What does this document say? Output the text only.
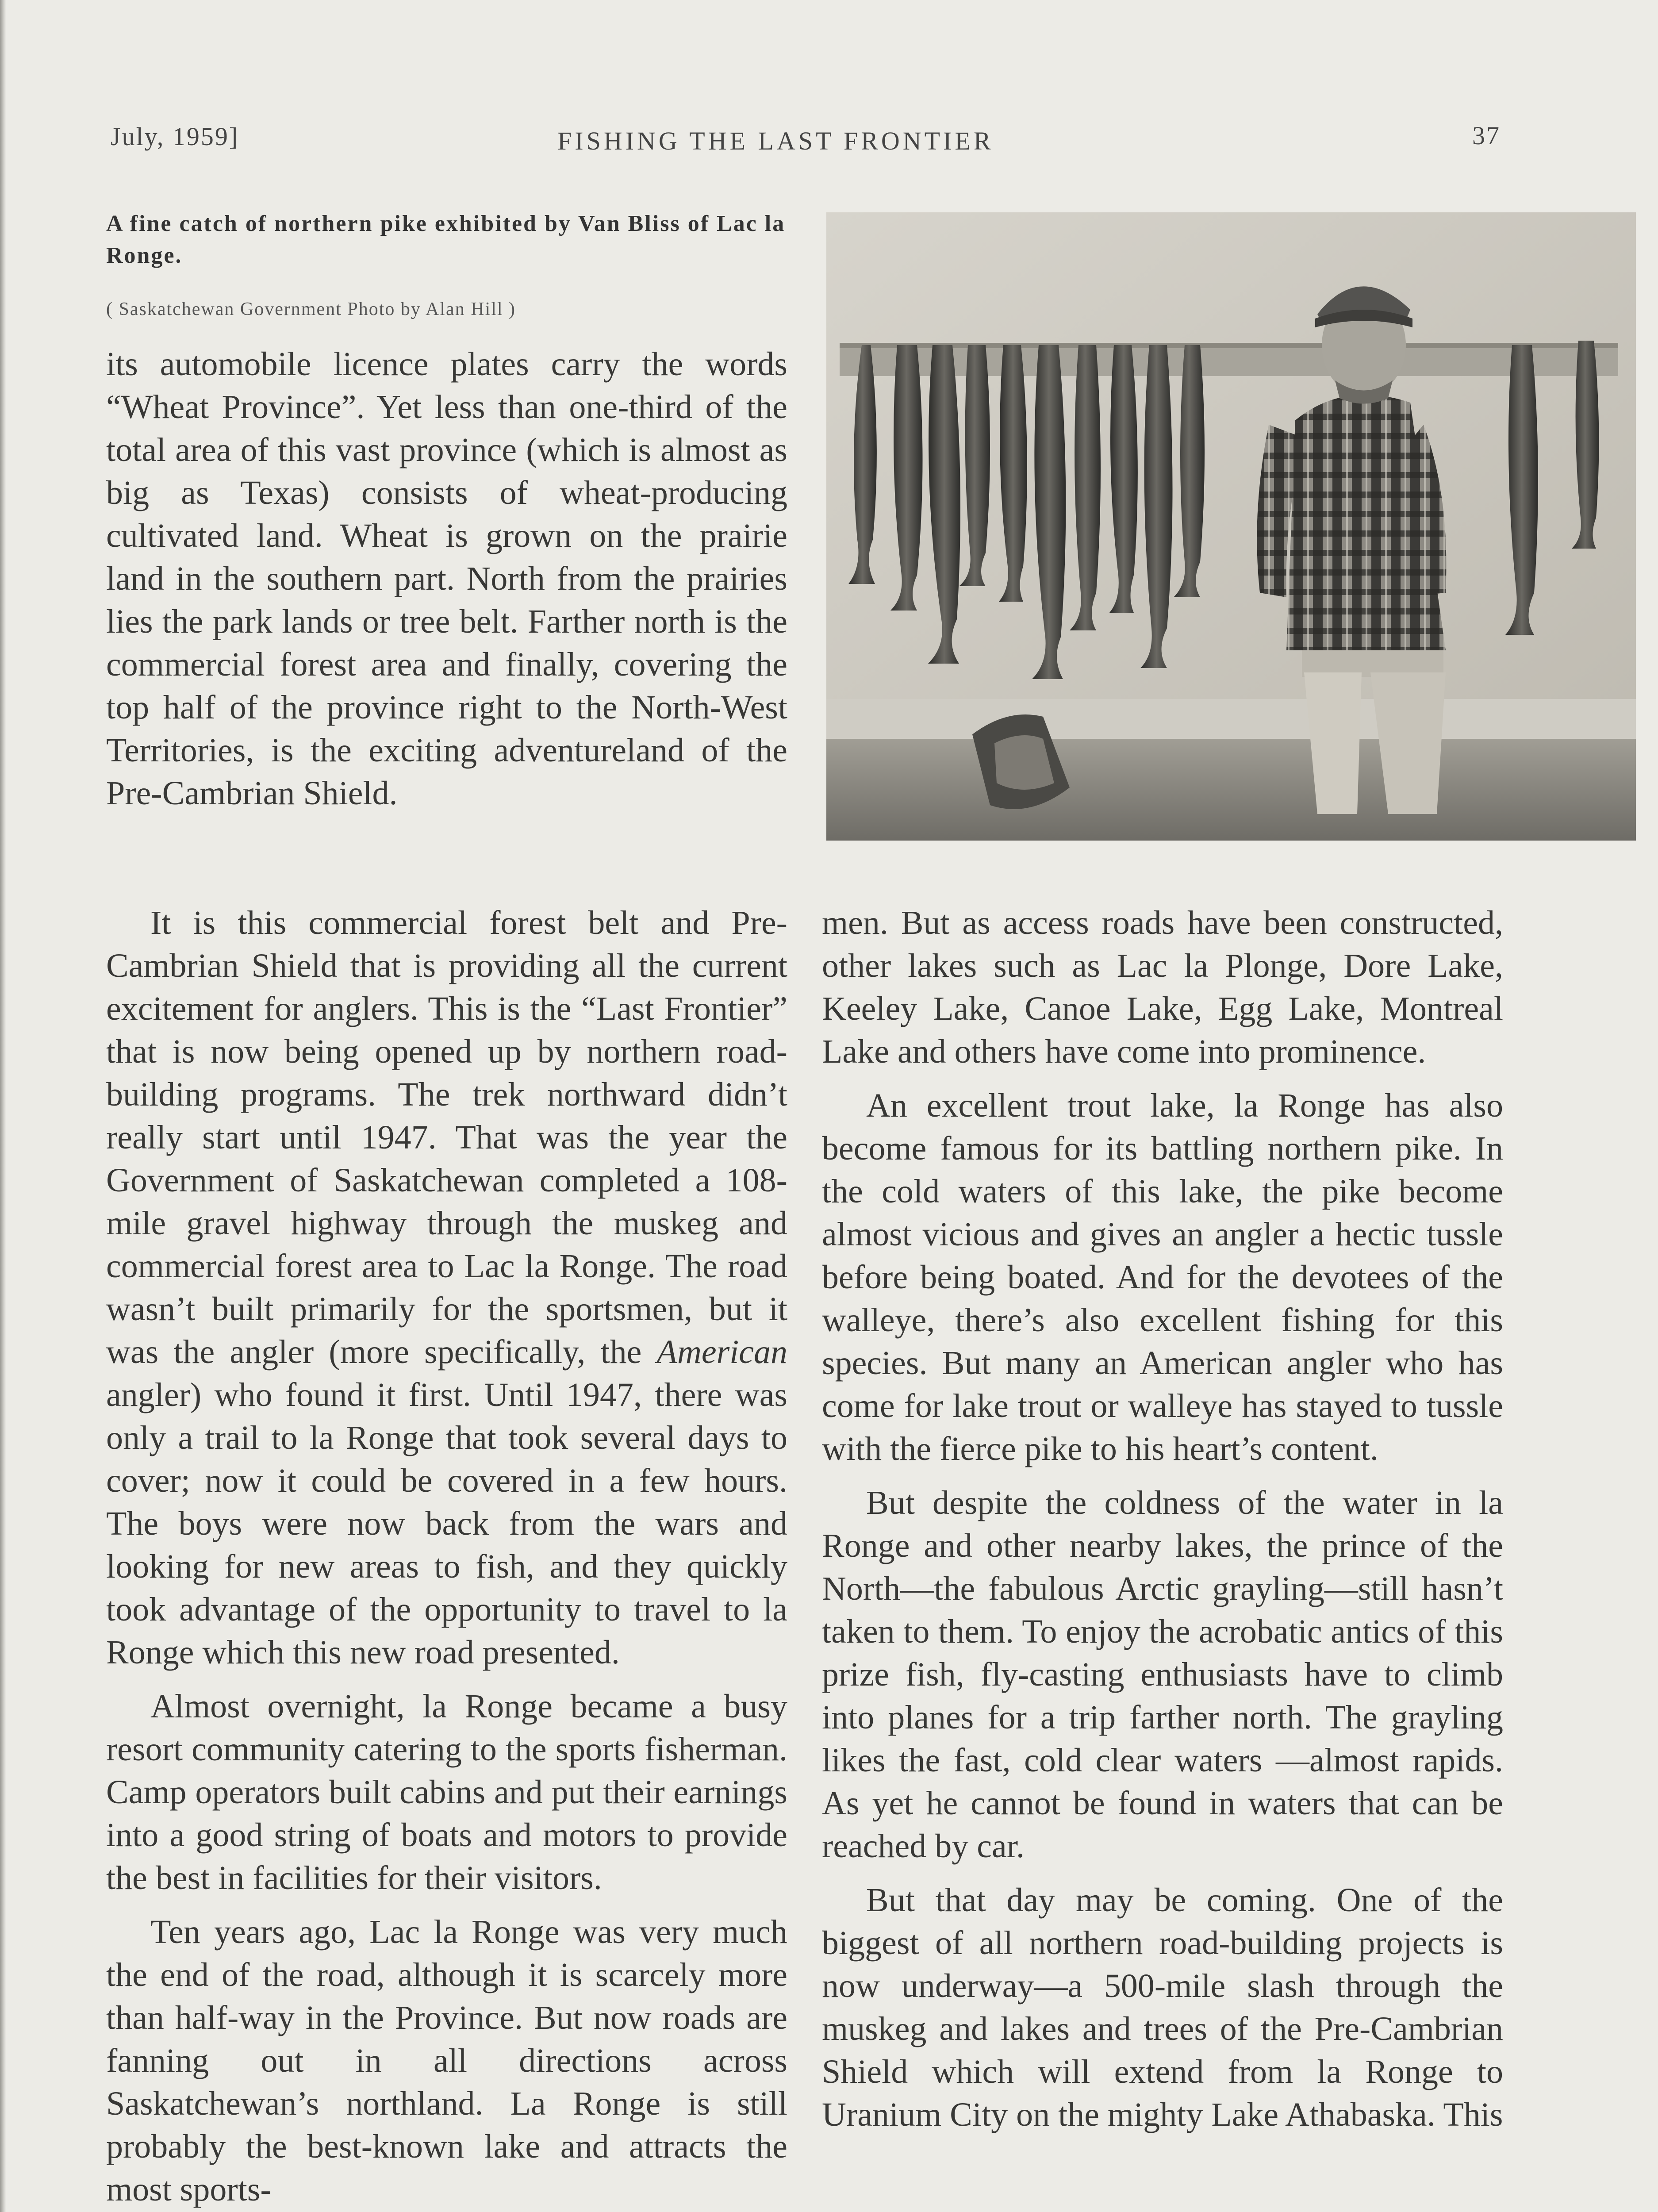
July, 1959]	FISHING THE LAST FRONTIER	37

A fine catch of northern pike exhibited by Van Bliss of Lac la Ronge.

( Saskatchewan Government Photo by Alan Hill )

its automobile licence plates carry the words “Wheat Province”. Yet less than one-third of the total area of this vast province (which is almost as big as Texas) consists of wheat-producing cultivated land. Wheat is grown on the prairie land in the southern part. North from the prairies lies the park lands or tree belt. Farther north is the commercial forest area and finally, covering the top half of the province right to the North-West Territories, is the exciting adventureland of the Pre-Cambrian Shield.

It is this commercial forest belt and Pre-Cambrian Shield that is providing all the current excitement for anglers. This is the “Last Frontier” that is now being opened up by northern road-building programs. The trek northward didn’t really start until 1947. That was the year the Government of Saskatchewan completed a 108-mile gravel highway through the muskeg and commercial forest area to Lac la Ronge. The road wasn’t built primarily for the sportsmen, but it was the angler (more specifically, the American angler) who found it first. Until 1947, there was only a trail to la Ronge that took several days to cover; now it could be covered in a few hours. The boys were now back from the wars and looking for new areas to fish, and they quickly took advantage of the opportunity to travel to la Ronge which this new road presented.

Almost overnight, la Ronge became a busy resort community catering to the sports fisherman. Camp operators built cabins and put their earnings into a good string of boats and motors to provide the best in facilities for their visitors.

Ten years ago, Lac la Ronge was very much the end of the road, although it is scarcely more than half-way in the Province. But now roads are fanning out in all directions across Saskatchewan’s northland. La Ronge is still probably the best-known lake and attracts the most sports-

men. But as access roads have been constructed, other lakes such as Lac la Plonge, Dore Lake, Keeley Lake, Canoe Lake, Egg Lake, Montreal Lake and others have come into prominence.

An excellent trout lake, la Ronge has also become famous for its battling northern pike. In the cold waters of this lake, the pike become almost vicious and gives an angler a hectic tussle before being boated. And for the devotees of the walleye, there’s also excellent fishing for this species. But many an American angler who has come for lake trout or walleye has stayed to tussle with the fierce pike to his heart’s content.

But despite the coldness of the water in la Ronge and other nearby lakes, the prince of the North—the fabulous Arctic grayling—still hasn’t taken to them. To enjoy the acrobatic antics of this prize fish, fly-casting enthusiasts have to climb into planes for a trip farther north. The grayling likes the fast, cold clear waters —almost rapids. As yet he cannot be found in waters that can be reached by car.

But that day may be coming. One of the biggest of all northern road-building projects is now underway—a 500-mile slash through the muskeg and lakes and trees of the Pre-Cambrian Shield which will extend from la Ronge to Uranium City on the mighty Lake Athabaska. This
